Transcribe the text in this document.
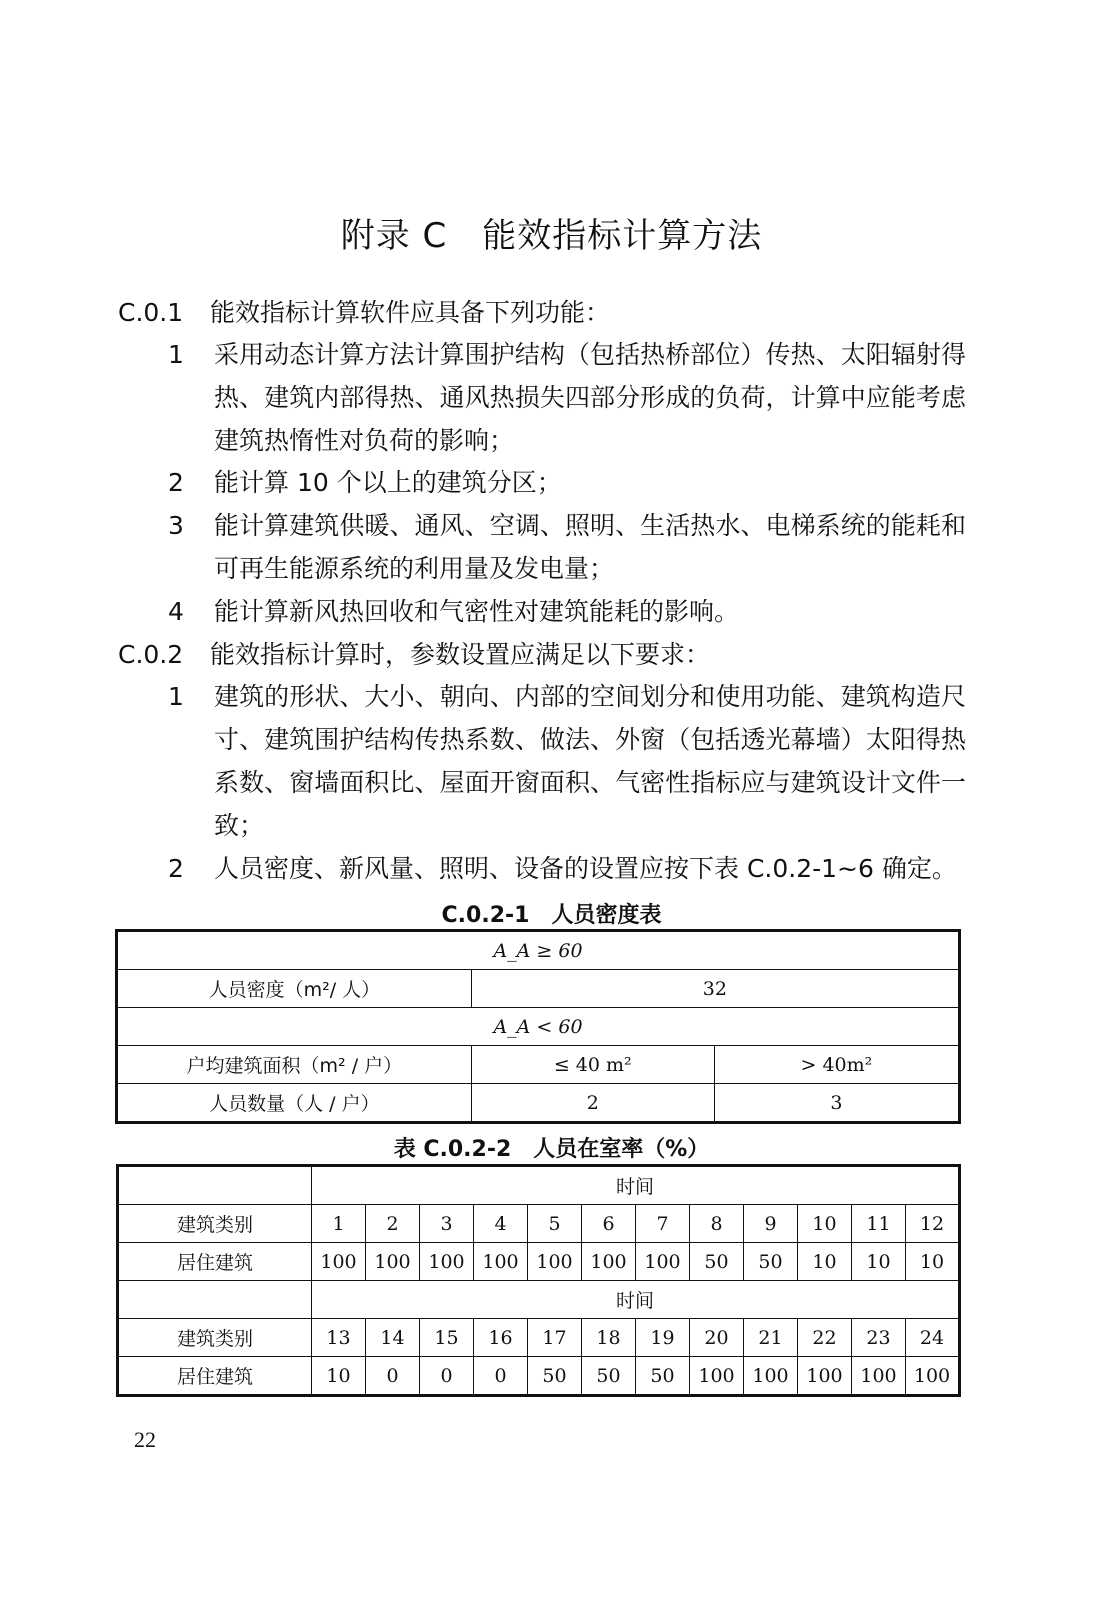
附录 C　能效指标计算方法
C.0.1 能效指标计算软件应具备下列功能：
1	采用动态计算方法计算围护结构（包括热桥部位）传热、太阳辐射得热、建筑内部得热、通风热损失四部分形成的负荷，计算中应能考虑建筑热惰性对负荷的影响；
2	能计算 10 个以上的建筑分区；
3	能计算建筑供暖、通风、空调、照明、生活热水、电梯系统的能耗和可再生能源系统的利用量及发电量；
4	能计算新风热回收和气密性对建筑能耗的影响。
C.0.2 能效指标计算时，参数设置应满足以下要求：
1	建筑的形状、大小、朝向、内部的空间划分和使用功能、建筑构造尺寸、建筑围护结构传热系数、做法、外窗（包括透光幕墙）太阳得热系数、窗墙面积比、屋面开窗面积、气密性指标应与建筑设计文件一致；
2	人员密度、新风量、照明、设备的设置应按下表 C.0.2-1~6 确定。
C.0.2-1　人员密度表
A_A ≥ 60		
人员密度（m²/ 人）	32	
A_A < 60		
户均建筑面积（m² / 户）	≤ 40 m²	> 40m²
人员数量（人 / 户）	2	3
表 C.0.2-2　人员在室率（%）
	时间											
建筑类别	1	2	3	4	5	6	7	8	9	10	11	12
居住建筑	100	100	100	100	100	100	100	50	50	10	10	10
	时间											
建筑类别	13	14	15	16	17	18	19	20	21	22	23	24
居住建筑	10	0	0	0	50	50	50	100	100	100	100	100
22
